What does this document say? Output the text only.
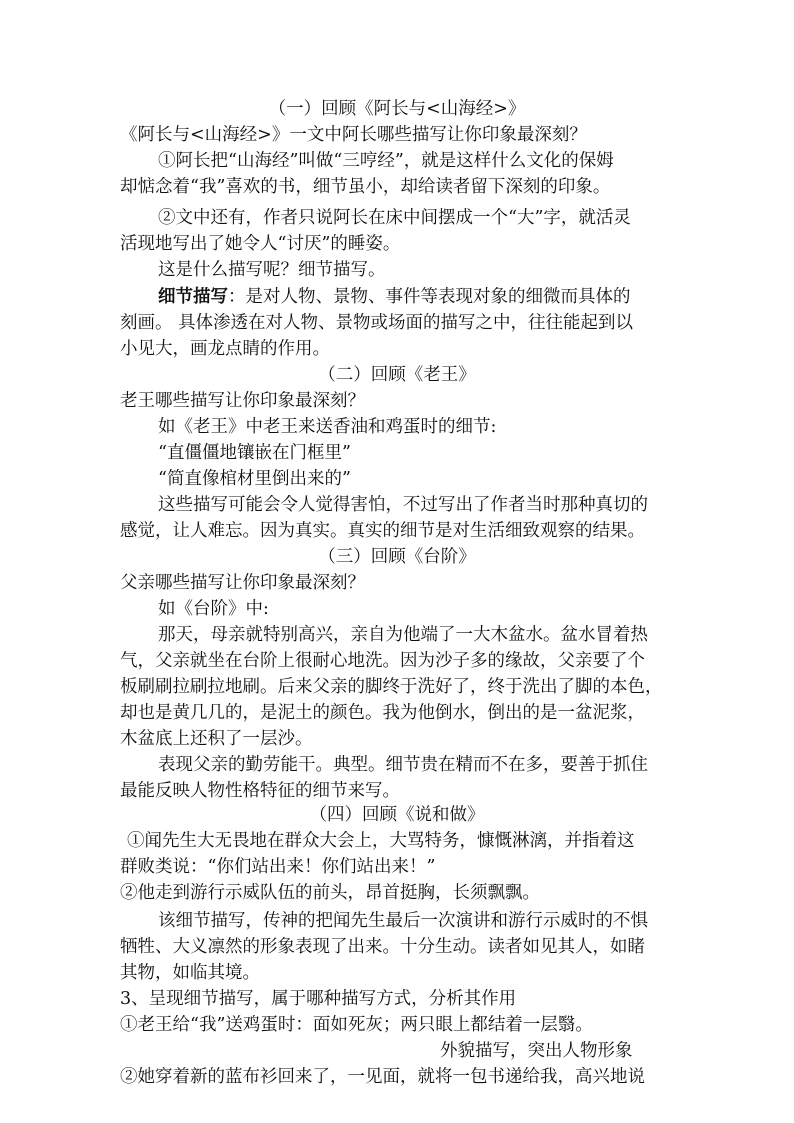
（一）回顾《阿长与<山海经>》
《阿长与<山海经>》一文中阿长哪些描写让你印象最深刻？
①阿长把“山海经”叫做“三哼经”，就是这样什么文化的保姆
却惦念着“我”喜欢的书，细节虽小，却给读者留下深刻的印象。
②文中还有，作者只说阿长在床中间摆成一个“大”字，就活灵
活现地写出了她令人“讨厌”的睡姿。
这是什么描写呢？细节描写。
细节描写：是对人物、景物、事件等表现对象的细微而具体的
刻画。 具体渗透在对人物、景物或场面的描写之中，往往能起到以
小见大，画龙点睛的作用。
（二）回顾《老王》
老王哪些描写让你印象最深刻？
如《老王》中老王来送香油和鸡蛋时的细节:
“直僵僵地镶嵌在门框里”
“简直像棺材里倒出来的”
这些描写可能会令人觉得害怕，不过写出了作者当时那种真切的
感觉，让人难忘。因为真实。真实的细节是对生活细致观察的结果。
（三）回顾《台阶》
父亲哪些描写让你印象最深刻？
如《台阶》中:
那天，母亲就特别高兴，亲自为他端了一大木盆水。盆水冒着热
气，父亲就坐在台阶上很耐心地洗。因为沙子多的缘故，父亲要了个
板刷刷拉刷拉地刷。后来父亲的脚终于洗好了，终于洗出了脚的本色，
却也是黄几几的，是泥土的颜色。我为他倒水，倒出的是一盆泥浆，
木盆底上还积了一层沙。
表现父亲的勤劳能干。典型。细节贵在精而不在多，要善于抓住
最能反映人物性格特征的细节来写。
（四）回顾《说和做》
①闻先生大无畏地在群众大会上，大骂特务，慷慨淋漓，并指着这
群败类说：“你们站出来！你们站出来！”
②他走到游行示威队伍的前头，昂首挺胸，长须飘飘。
该细节描写，传神的把闻先生最后一次演讲和游行示威时的不惧
牺牲、大义凛然的形象表现了出来。十分生动。读者如见其人，如睹
其物，如临其境。
3、呈现细节描写，属于哪种描写方式，分析其作用
①老王给“我”送鸡蛋时：面如死灰；两只眼上都结着一层翳。
外貌描写，突出人物形象
②她穿着新的蓝布衫回来了，一见面，就将一包书递给我，高兴地说
